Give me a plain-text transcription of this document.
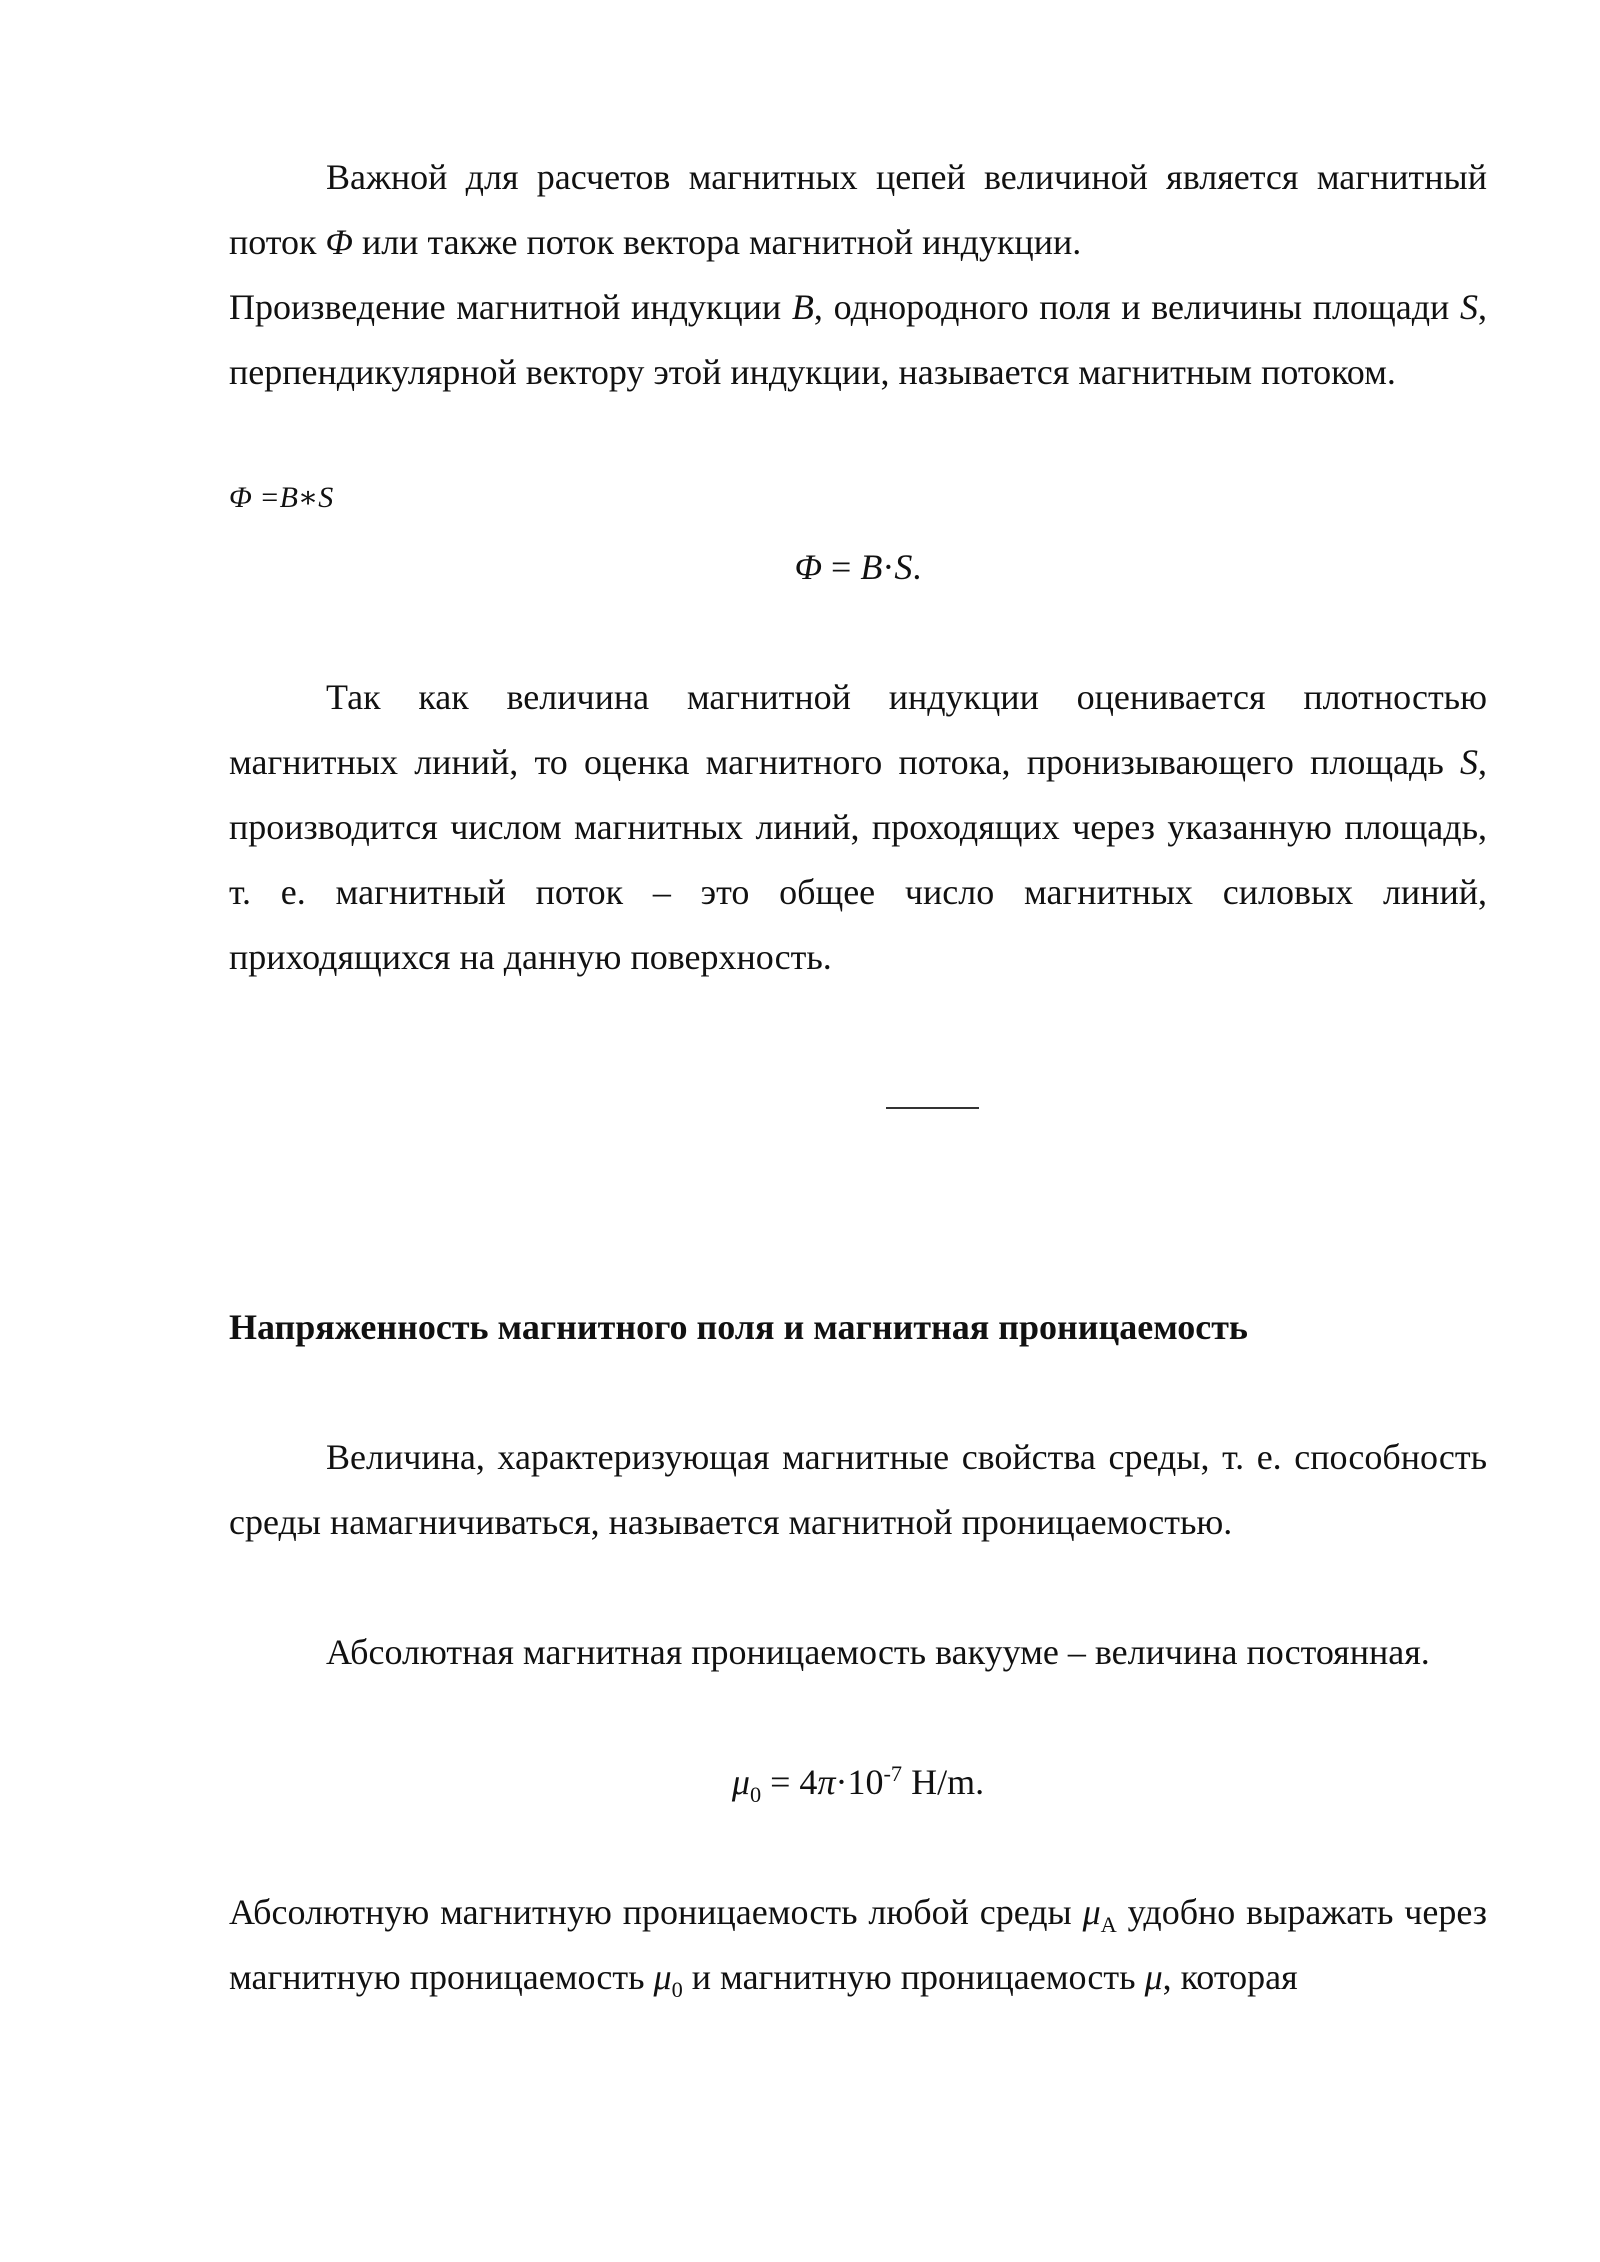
Важной для расчетов магнитных цепей величиной является магнитный поток Φ или также поток вектора магнитной индукции.

Произведение магнитной индукции B, однородного поля и величины площади S, перпендикулярной вектору этой индукции, называется магнитным потоком.

Φ =B∗S

Φ = B·S.

Так как величина магнитной индукции оценивается плотностью магнитных линий, то оценка магнитного потока, пронизывающего площадь S, производится числом магнитных линий, проходящих через указанную площадь, т. е. магнитный поток – это общее число магнитных силовых линий, приходящихся на данную поверхность.

Напряженность магнитного поля и магнитная проницаемость

Величина, характеризующая магнитные свойства среды, т. е. способность среды намагничиваться, называется магнитной проницаемостью.

Абсолютная магнитная проницаемость вакууме – величина постоянная.

$\mu_0 = 4\pi\cdot 10^{-7}$ H/m.

Абсолютную магнитную проницаемость любой среды $\mu_A$ удобно выражать через магнитную проницаемость $\mu_0$ и магнитную проницаемость μ, которая
